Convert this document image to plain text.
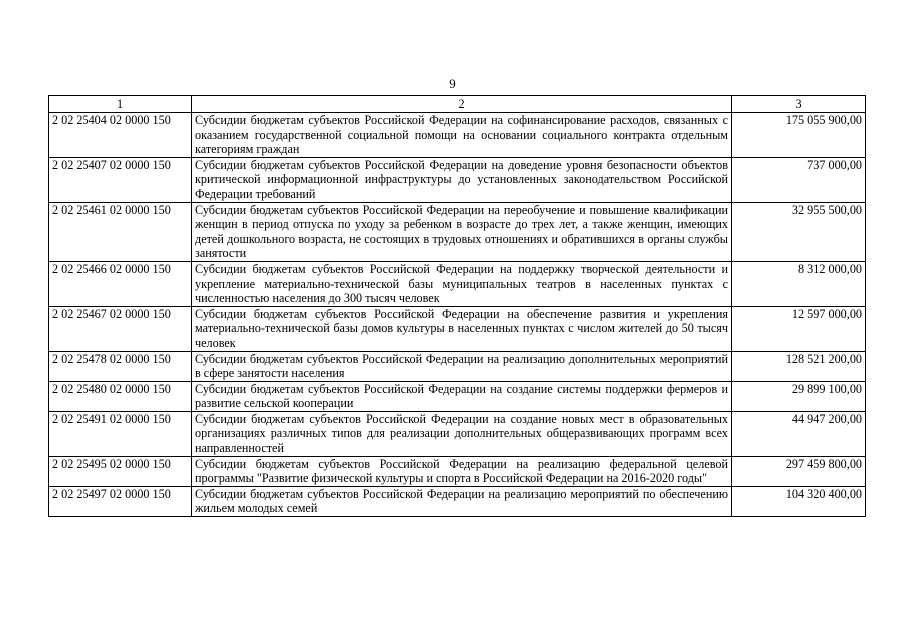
9
1	2	3
2 02 25404 02 0000 150	Субсидии бюджетам субъектов Российской Федерации на софинансирование расходов, связанных с оказанием государственной социальной помощи на основании социального контракта отдельным категориям граждан	175 055 900,00
2 02 25407 02 0000 150	Субсидии бюджетам субъектов Российской Федерации на доведение уровня безопасности объектов критической информационной инфраструктуры до установленных законодательством Российской Федерации требований	737 000,00
2 02 25461 02 0000 150	Субсидии бюджетам субъектов Российской Федерации на переобучение и повышение квалификации женщин в период отпуска по уходу за ребенком в возрасте до трех лет, а также женщин, имеющих детей дошкольного возраста, не состоящих в трудовых отношениях и обратившихся в органы службы занятости	32 955 500,00
2 02 25466 02 0000 150	Субсидии бюджетам субъектов Российской Федерации на поддержку творческой деятельности и укрепление материально-технической базы муниципальных театров в населенных пунктах с численностью населения до 300 тысяч человек	8 312 000,00
2 02 25467 02 0000 150	Субсидии бюджетам субъектов Российской Федерации на обеспечение развития и укрепления материально-технической базы домов культуры в населенных пунктах с числом жителей до 50 тысяч человек	12 597 000,00
2 02 25478 02 0000 150	Субсидии бюджетам субъектов Российской Федерации на реализацию дополнительных мероприятий в сфере занятости населения	128 521 200,00
2 02 25480 02 0000 150	Субсидии бюджетам субъектов Российской Федерации на создание системы поддержки фермеров и развитие сельской кооперации	29 899 100,00
2 02 25491 02 0000 150	Субсидии бюджетам субъектов Российской Федерации на создание новых мест в образовательных организациях различных типов для реализации дополнительных общеразвивающих программ всех направленностей	44 947 200,00
2 02 25495 02 0000 150	Субсидии бюджетам субъектов Российской Федерации на реализацию федеральной целевой программы "Развитие физической культуры и спорта в Российской Федерации на 2016-2020 годы"	297 459 800,00
2 02 25497 02 0000 150	Субсидии бюджетам субъектов Российской Федерации на реализацию мероприятий по обеспечению жильем молодых семей	104 320 400,00
